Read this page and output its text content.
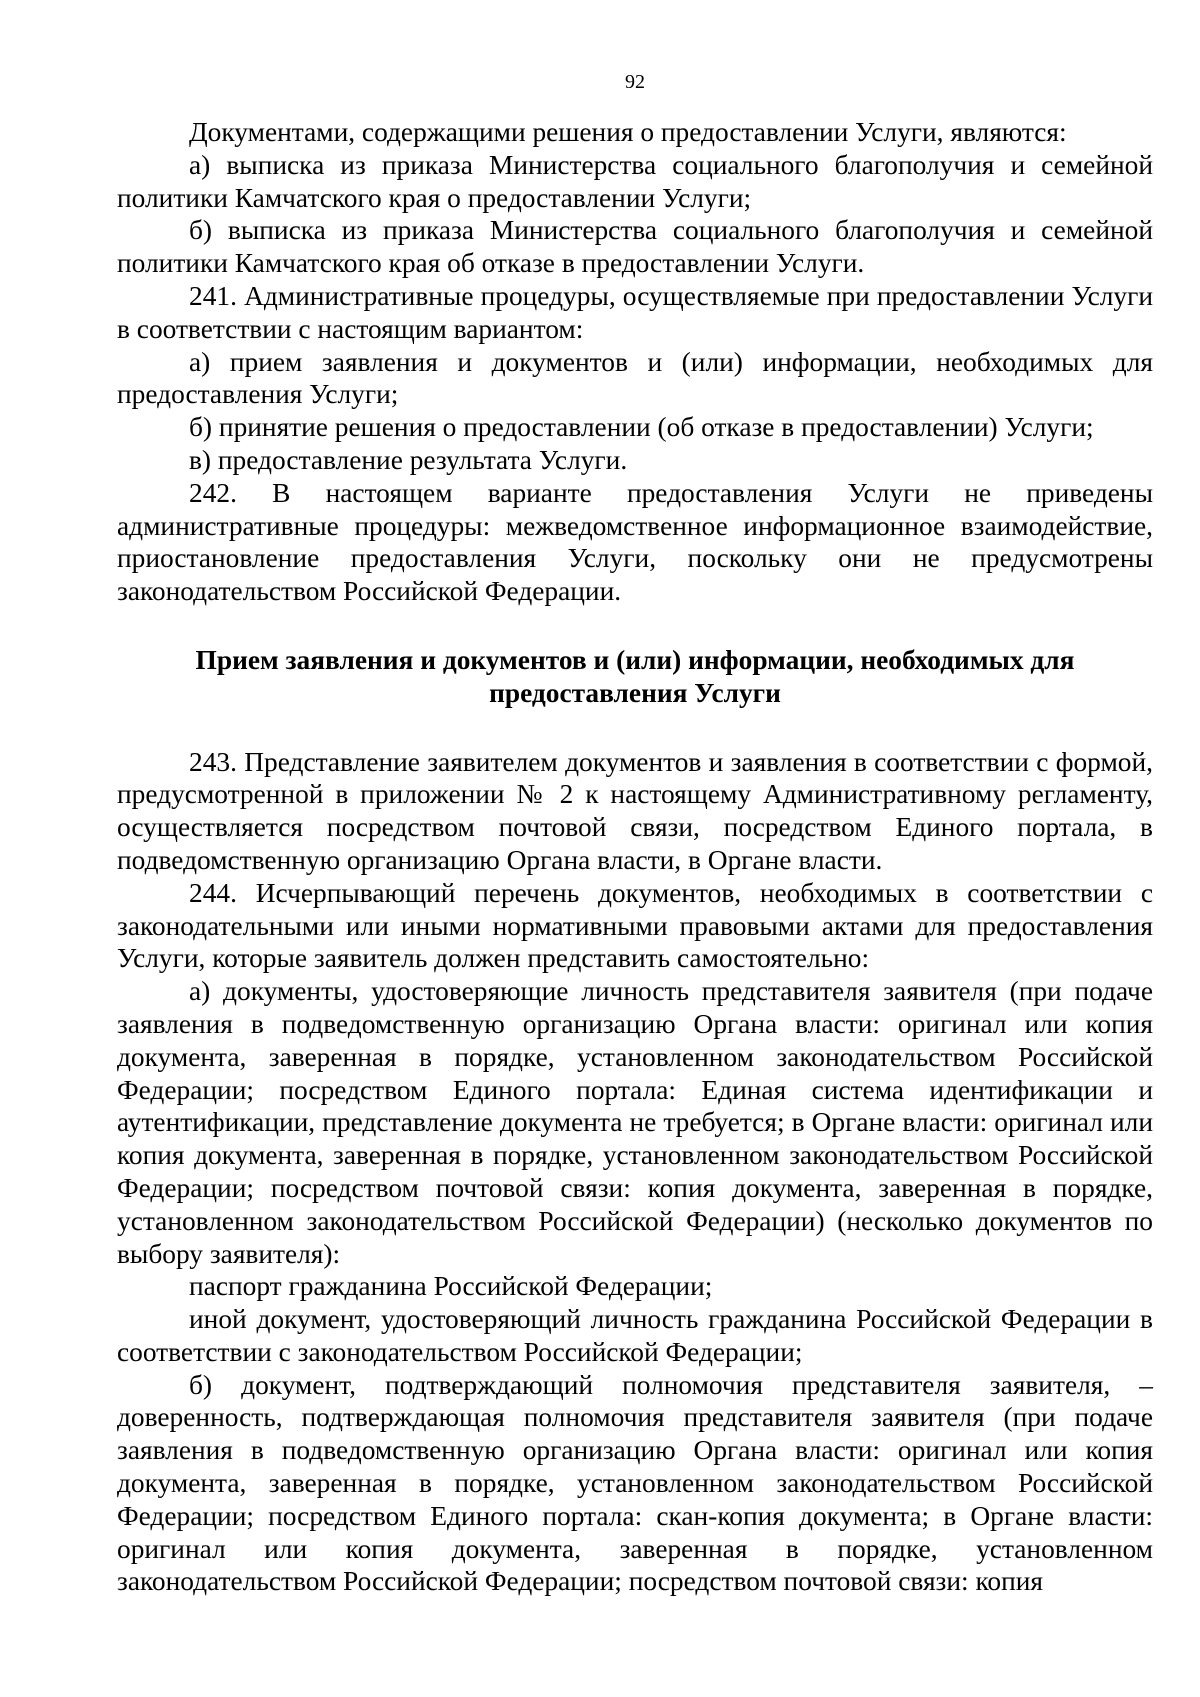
92

Документами, содержащими решения о предоставлении Услуги, являются:

а) выписка из приказа Министерства социального благополучия и семейной политики Камчатского края о предоставлении Услуги;

б) выписка из приказа Министерства социального благополучия и семейной политики Камчатского края об отказе в предоставлении Услуги.

241. Административные процедуры, осуществляемые при предоставлении Услуги в соответствии с настоящим вариантом:

а) прием заявления и документов и (или) информации, необходимых для предоставления Услуги;

б) принятие решения о предоставлении (об отказе в предоставлении) Услуги;

в) предоставление результата Услуги.

242. В настоящем варианте предоставления Услуги не приведены административные процедуры: межведомственное информационное взаимодействие, приостановление предоставления Услуги, поскольку они не предусмотрены законодательством Российской Федерации.

Прием заявления и документов и (или) информации, необходимых для
предоставления Услуги

243. Представление заявителем документов и заявления в соответствии с формой, предусмотренной в приложении № 2 к настоящему Административному регламенту, осуществляется посредством почтовой связи, посредством Единого портала, в подведомственную организацию Органа власти, в Органе власти.

244. Исчерпывающий перечень документов, необходимых в соответствии с законодательными или иными нормативными правовыми актами для предоставления Услуги, которые заявитель должен представить самостоятельно:

а) документы, удостоверяющие личность представителя заявителя (при подаче заявления в подведомственную организацию Органа власти: оригинал или копия документа, заверенная в порядке, установленном законодательством Российской Федерации; посредством Единого портала: Единая система идентификации и аутентификации, представление документа не требуется; в Органе власти: оригинал или копия документа, заверенная в порядке, установленном законодательством Российской Федерации; посредством почтовой связи: копия документа, заверенная в порядке, установленном законодательством Российской Федерации) (несколько документов по выбору заявителя):

паспорт гражданина Российской Федерации;

иной документ, удостоверяющий личность гражданина Российской Федерации в соответствии с законодательством Российской Федерации;

б) документ, подтверждающий полномочия представителя заявителя, – доверенность, подтверждающая полномочия представителя заявителя (при подаче заявления в подведомственную организацию Органа власти: оригинал или копия документа, заверенная в порядке, установленном законодательством Российской Федерации; посредством Единого портала: скан-копия документа; в Органе власти: оригинал или копия документа, заверенная в порядке, установленном законодательством Российской Федерации; посредством почтовой связи: копия
